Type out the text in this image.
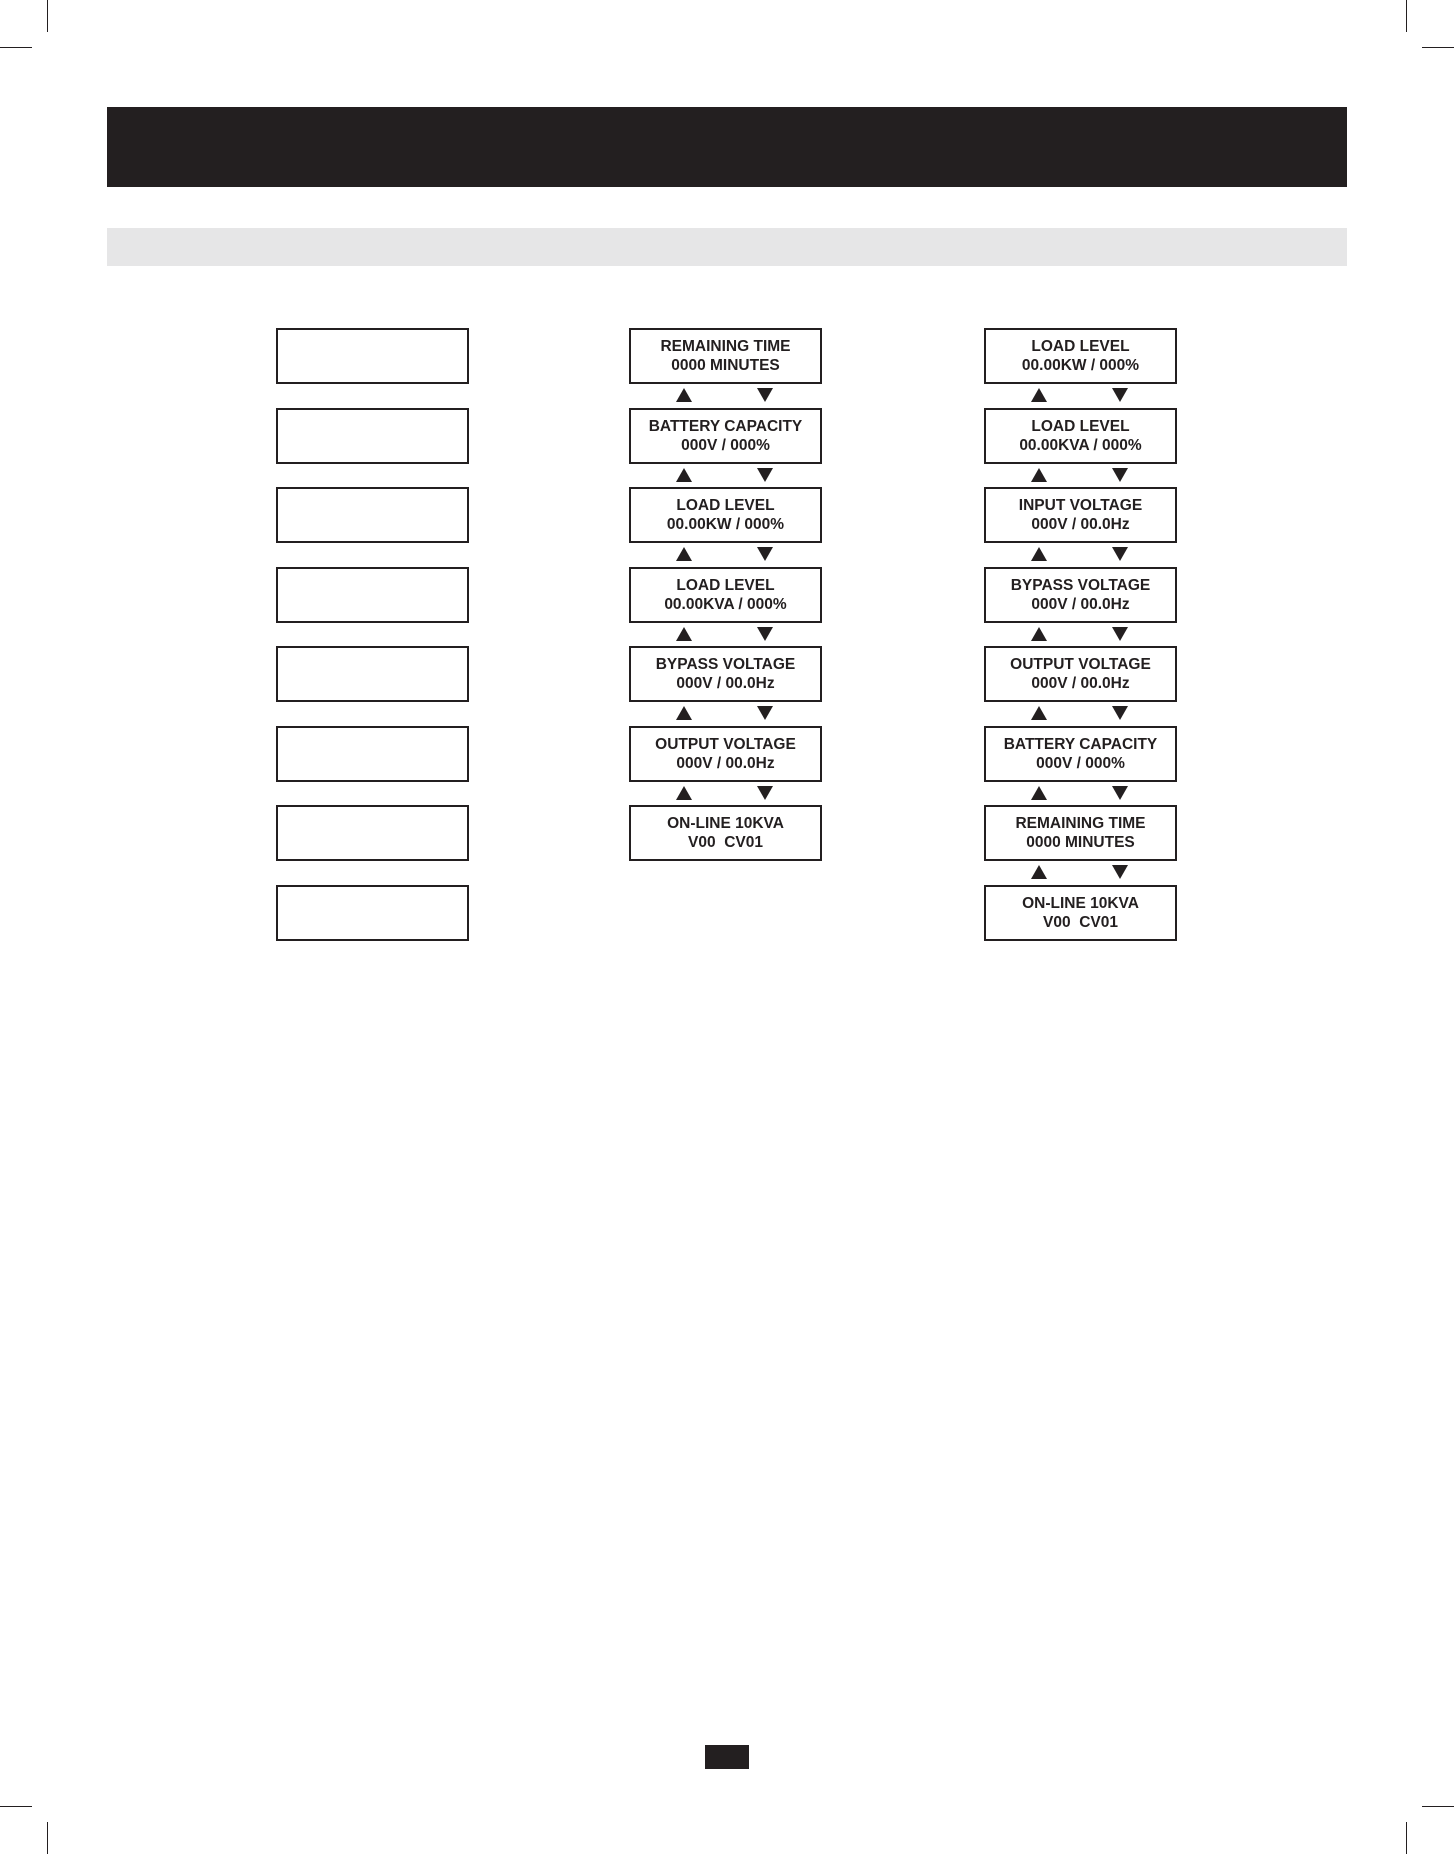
REMAINING TIME
0000 MINUTES
BATTERY CAPACITY
000V / 000%
LOAD LEVEL
00.00KW / 000%
LOAD LEVEL
00.00KVA / 000%
BYPASS VOLTAGE
000V / 00.0Hz
OUTPUT VOLTAGE
000V / 00.0Hz
ON-LINE 10KVA
V00  CV01
LOAD LEVEL
00.00KW / 000%
LOAD LEVEL
00.00KVA / 000%
INPUT VOLTAGE
000V / 00.0Hz
BYPASS VOLTAGE
000V / 00.0Hz
OUTPUT VOLTAGE
000V / 00.0Hz
BATTERY CAPACITY
000V / 000%
REMAINING TIME
0000 MINUTES
ON-LINE 10KVA
V00  CV01
